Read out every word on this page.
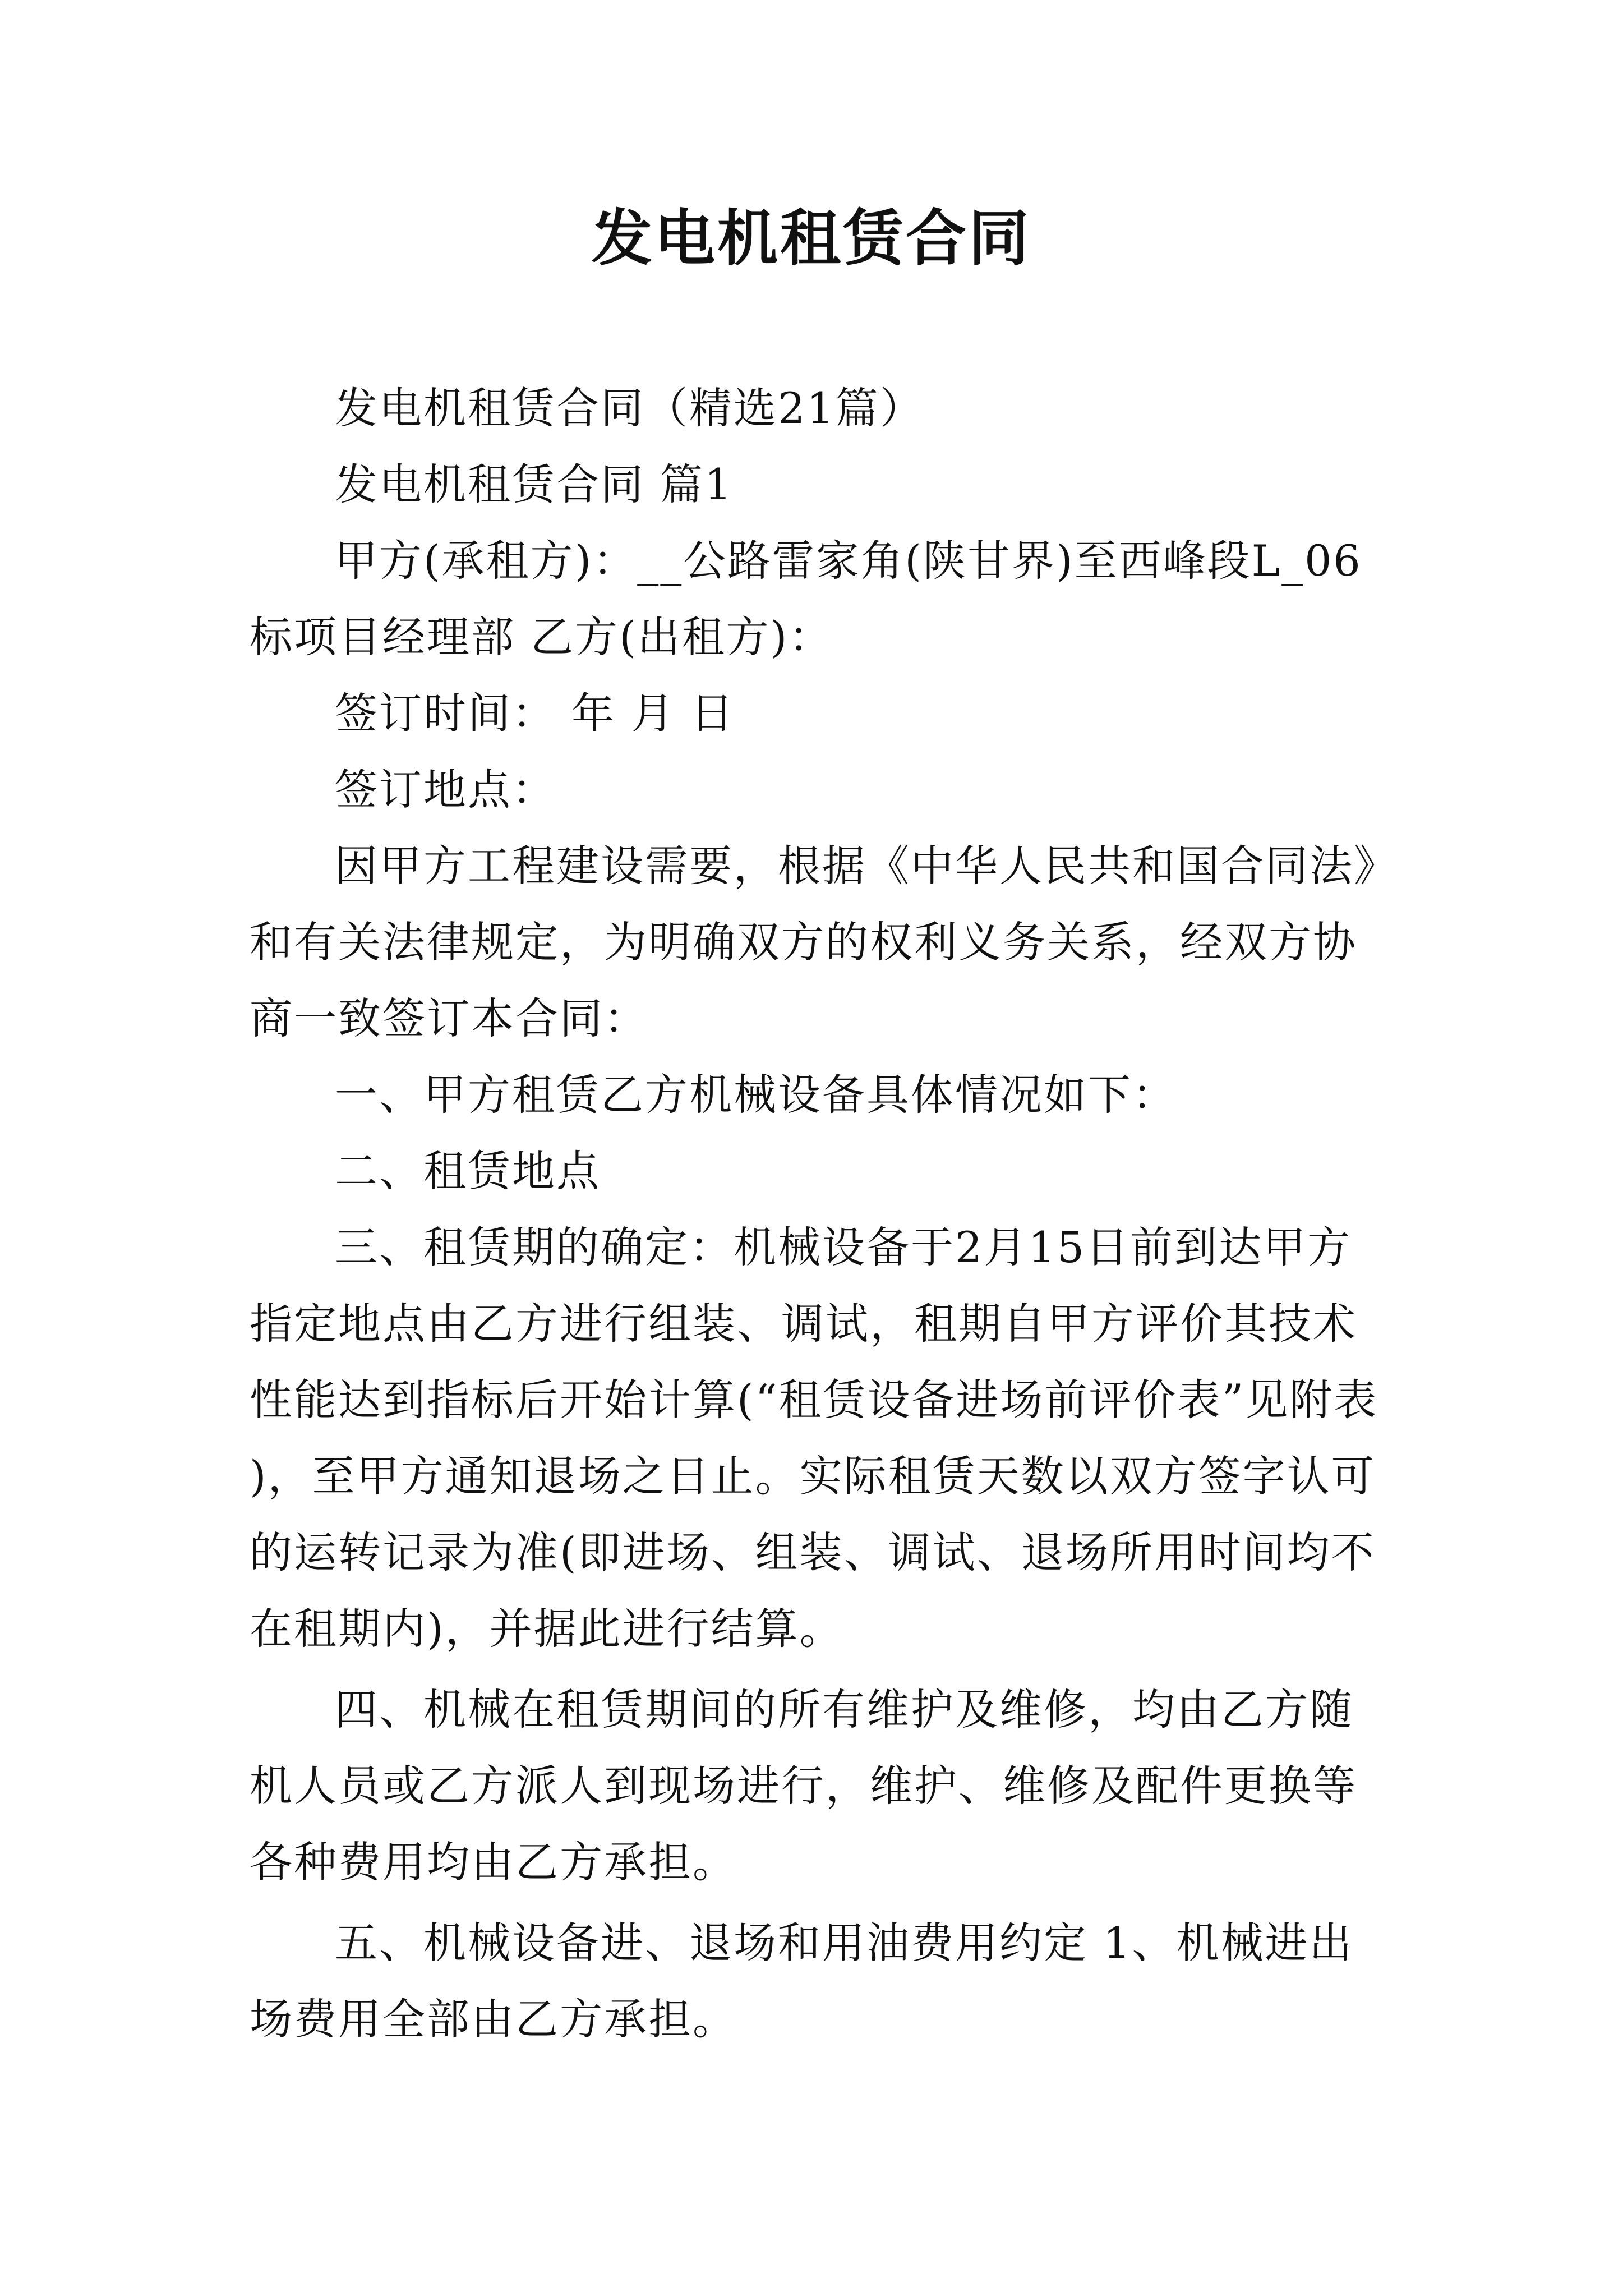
发电机租赁合同

发电机租赁合同（精选21篇）

发电机租赁合同 篇1

甲方(承租方)：__公路雷家角(陕甘界)至西峰段L_06标项目经理部 乙方(出租方)：

签订时间： 年 月 日

签订地点：

因甲方工程建设需要，根据《中华人民共和国合同法》和有关法律规定，为明确双方的权利义务关系，经双方协商一致签订本合同：

一、甲方租赁乙方机械设备具体情况如下：

二、租赁地点

三、租赁期的确定：机械设备于2月15日前到达甲方指定地点由乙方进行组装、调试，租期自甲方评价其技术性能达到指标后开始计算(“租赁设备进场前评价表”见附表)，至甲方通知退场之日止。实际租赁天数以双方签字认可的运转记录为准(即进场、组装、调试、退场所用时间均不在租期内)，并据此进行结算。

四、机械在租赁期间的所有维护及维修，均由乙方随机人员或乙方派人到现场进行，维护、维修及配件更换等各种费用均由乙方承担。

五、机械设备进、退场和用油费用约定 1、机械进出场费用全部由乙方承担。
